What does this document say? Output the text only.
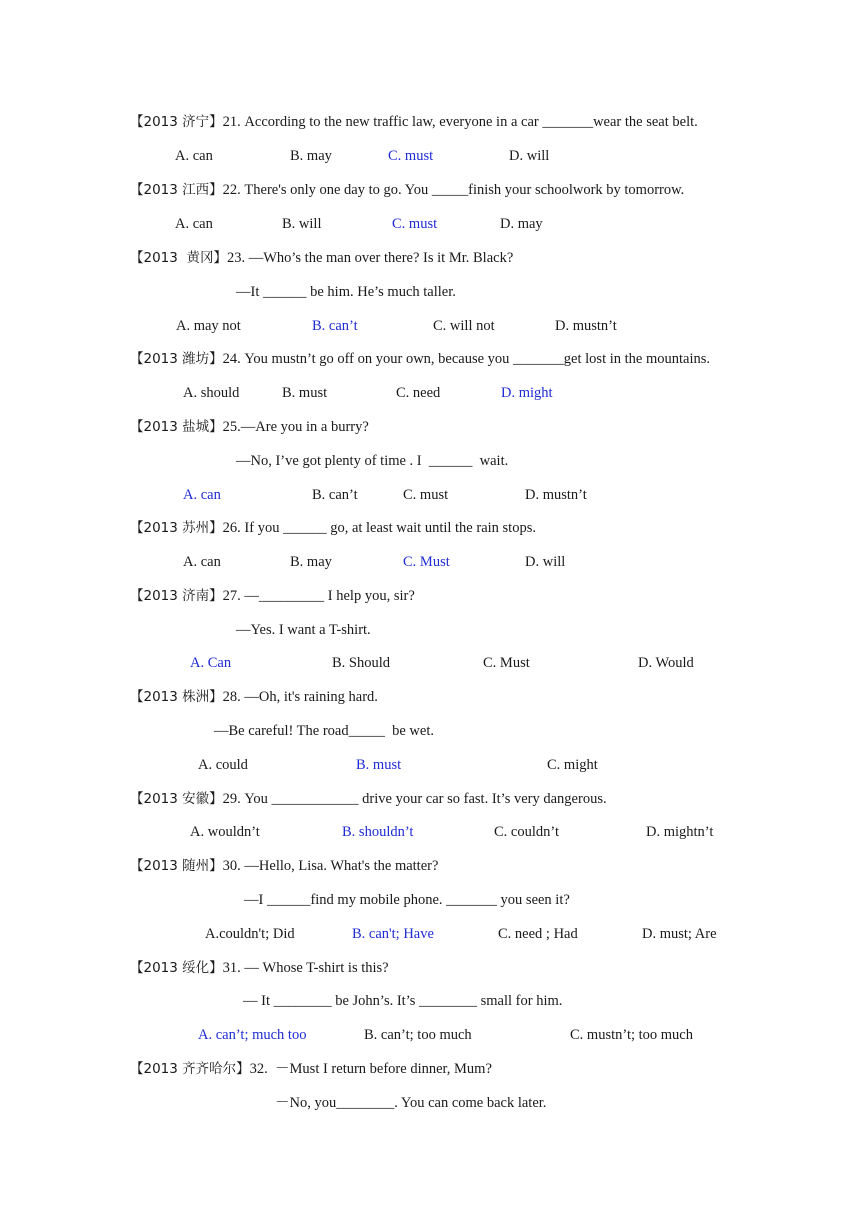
【2013 济宁】21. According to the new traffic law, everyone in a car _______wear the seat belt.
A. can	B. may	C. must	D. will
【2013 江西】22. There's only one day to go. You _____finish your schoolwork by tomorrow.
A. can	B. will	C. must	D. may
【2013  黄冈】23. —Who’s the man over there? Is it Mr. Black?
—It ______ be him. He’s much taller.
A. may not	B. can’t	C. will not	D. mustn’t
【2013 潍坊】24. You mustn’t go off on your own, because you _______get lost in the mountains.
A. should	B. must	C. need	D. might
【2013 盐城】25.—Are you in a burry?
—No, I’ve got plenty of time . I  ______  wait.
A. can	B. can’t	C. must	D. mustn’t
【2013 苏州】26. If you ______ go, at least wait until the rain stops.
A. can	B. may	C. Must	D. will
【2013 济南】27. —_________ I help you, sir?
—Yes. I want a T-shirt.
A. Can	B. Should	C. Must	D. Would
【2013 株洲】28. —Oh, it's raining hard.
—Be careful! The road_____  be wet.
A. could	B. must	C. might
【2013 安徽】29. You ____________ drive your car so fast. It’s very dangerous.
A. wouldn’t	B. shouldn’t	C. couldn’t	D. mightn’t
【2013 随州】30. —Hello, Lisa. What's the matter?
—I ______find my mobile phone. _______ you seen it?
A.couldn't; Did	B. can't; Have	C. need ; Had	D. must; Are
【2013 绥化】31. — Whose T-shirt is this?
— It ________ be John’s. It’s ________ small for him.
A. can’t; much too	B. can’t; too much	C. mustn’t; too much
【2013 齐齐哈尔】32.  －Must I return before dinner, Mum?
－No, you________. You can come back later.
